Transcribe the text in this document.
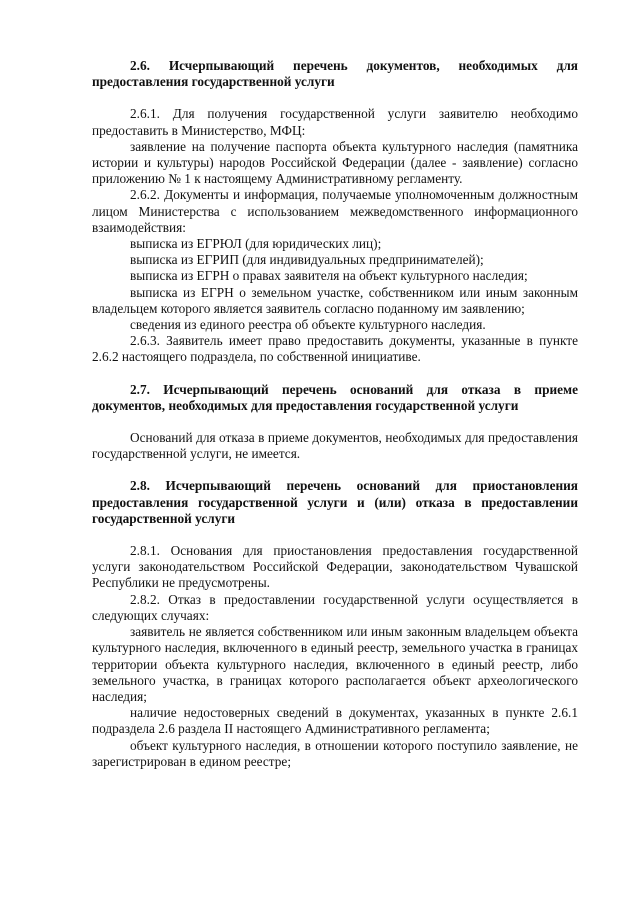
2.6. Исчерпывающий перечень документов, необходимых для предоставления государственной услуги

2.6.1. Для получения государственной услуги заявителю необходимо предоставить в Министерство, МФЦ:

заявление на получение паспорта объекта культурного наследия (памятника истории и культуры) народов Российской Федерации (далее - заявление) согласно приложению № 1 к настоящему Административному регламенту.

2.6.2. Документы и информация, получаемые уполномоченным должностным лицом Министерства с использованием межведомственного информационного взаимодействия:

выписка из ЕГРЮЛ (для юридических лиц);

выписка из ЕГРИП (для индивидуальных предпринимателей);

выписка из ЕГРН о правах заявителя на объект культурного наследия;

выписка из ЕГРН о земельном участке, собственником или иным законным владельцем которого является заявитель согласно поданному им заявлению;

сведения из единого реестра об объекте культурного наследия.

2.6.3. Заявитель имеет право предоставить документы, указанные в пункте 2.6.2 настоящего подраздела, по собственной инициативе.

2.7. Исчерпывающий перечень оснований для отказа в приеме документов, необходимых для предоставления государственной услуги

Оснований для отказа в приеме документов, необходимых для предоставления государственной услуги, не имеется.

2.8. Исчерпывающий перечень оснований для приостановления предоставления государственной услуги и (или) отказа в предоставлении государственной услуги

2.8.1. Основания для приостановления предоставления государственной услуги законодательством Российской Федерации, законодательством Чувашской Республики не предусмотрены.

2.8.2. Отказ в предоставлении государственной услуги осуществляется в следующих случаях:

заявитель не является собственником или иным законным владельцем объекта культурного наследия, включенного в единый реестр, земельного участка в границах территории объекта культурного наследия, включенного в единый реестр, либо земельного участка, в границах которого располагается объект археологического наследия;

наличие недостоверных сведений в документах, указанных в пункте 2.6.1 подраздела 2.6 раздела II настоящего Административного регламента;

объект культурного наследия, в отношении которого поступило заявление, не зарегистрирован в едином реестре;
